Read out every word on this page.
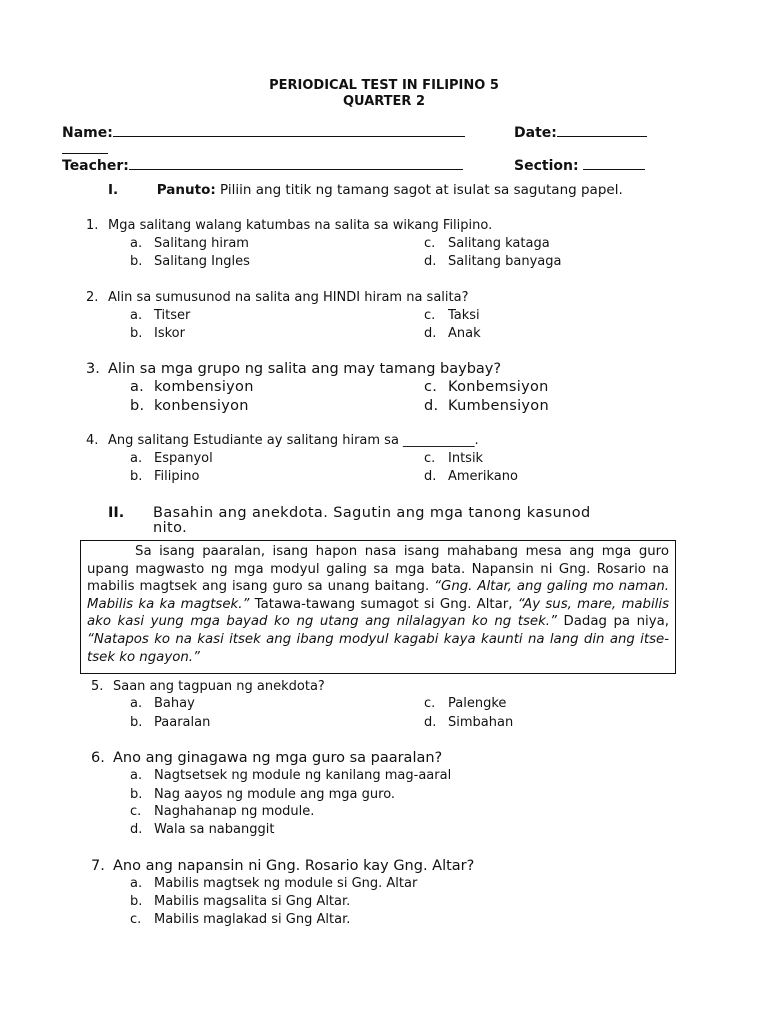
PERIODICAL TEST IN FILIPINO 5
QUARTER 2
Name:	Date:
Teacher:	Section:
I.	Panuto: Piliin ang titik ng tamang sagot at isulat sa sagutang papel.
1. Mga salitang walang katumbas na salita sa wikang Filipino.
a. Salitang hiram
b. Salitang Ingles
c. Salitang kataga
d. Salitang banyaga
2. Alin sa sumusunod na salita ang HINDI hiram na salita?
a. Titser
b. Iskor
c. Taksi
d. Anak
3. Alin sa mga grupo ng salita ang may tamang baybay?
a. kombensiyon
b. konbensiyon
c. Konbemsiyon
d. Kumbensiyon
4. Ang salitang Estudiante ay salitang hiram sa ___________.
a. Espanyol
b. Filipino
c. Intsik
d. Amerikano
II. Basahin ang anekdota. Sagutin ang mga tanong kasunod
nito.

Sa isang paaralan, isang hapon nasa isang mahabang mesa ang mga guro upang magwasto ng mga modyul galing sa mga bata. Napansin ni Gng. Rosario na mabilis magtsek ang isang guro sa unang baitang. “Gng. Altar, ang galing mo naman. Mabilis ka ka magtsek.” Tatawa-tawang sumagot si Gng. Altar, “Ay sus, mare, mabilis ako kasi yung mga bayad ko ng utang ang nilalagyan ko ng tsek.” Dadag pa niya, “Natapos ko na kasi itsek ang ibang modyul kagabi kaya kaunti na lang din ang itse-tsek ko ngayon.”

5. Saan ang tagpuan ng anekdota?
a. Bahay
b. Paaralan
c. Palengke
d. Simbahan
6. Ano ang ginagawa ng mga guro sa paaralan?
a. Nagtsetsek ng module ng kanilang mag-aaral
b. Nag aayos ng module ang mga guro.
c. Naghahanap ng module.
d. Wala sa nabanggit
7. Ano ang napansin ni Gng. Rosario kay Gng. Altar?
a. Mabilis magtsek ng module si Gng. Altar
b. Mabilis magsalita si Gng Altar.
c. Mabilis maglakad si Gng Altar.
